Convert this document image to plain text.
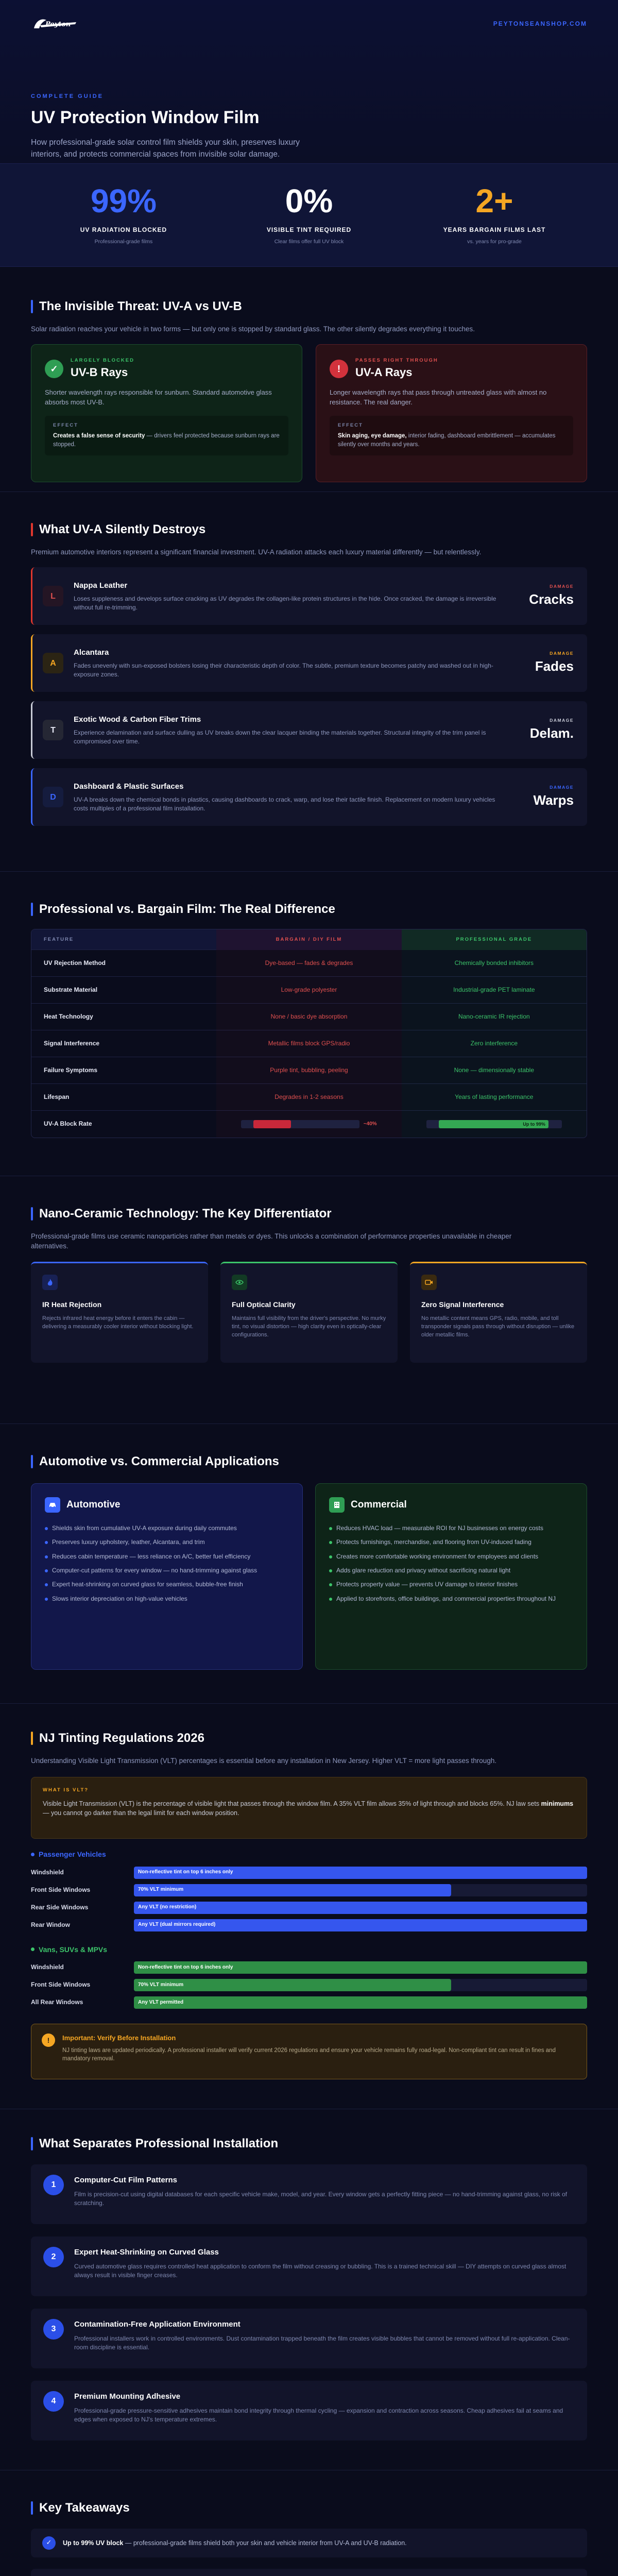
Peyton	PEYTONSEANSHOP.COM
COMPLETE GUIDE
UV Protection Window Film

How professional-grade solar control film shields your skin, preserves luxury interiors, and protects commercial spaces from invisible solar damage.

99%
UV RADIATION BLOCKED
Professional-grade films
0%
VISIBLE TINT REQUIRED
Clear films offer full UV block
2+
YEARS BARGAIN FILMS LAST
vs. years for pro-grade
The Invisible Threat: UV-A vs UV-B

Solar radiation reaches your vehicle in two forms — but only one is stopped by standard glass. The other silently degrades everything it touches.

✓
LARGELY BLOCKED
UV-B Rays

Shorter wavelength rays responsible for sunburn. Standard automotive glass absorbs most UV-B.

EFFECT
Creates a false sense of security — drivers feel protected because sunburn rays are stopped.
!
PASSES RIGHT THROUGH
UV-A Rays

Longer wavelength rays that pass through untreated glass with almost no resistance. The real danger.

EFFECT
Skin aging, eye damage, interior fading, dashboard embrittlement — accumulates silently over months and years.
What UV-A Silently Destroys

Premium automotive interiors represent a significant financial investment. UV-A radiation attacks each luxury material differently — but relentlessly.

L
Nappa Leather
Loses suppleness and develops surface cracking as UV degrades the collagen-like protein structures in the hide. Once cracked, the damage is irreversible without full re-trimming.
DAMAGE
Cracks
A
Alcantara
Fades unevenly with sun-exposed bolsters losing their characteristic depth of color. The subtle, premium texture becomes patchy and washed out in high-exposure zones.
DAMAGE
Fades
T
Exotic Wood & Carbon Fiber Trims
Experience delamination and surface dulling as UV breaks down the clear lacquer binding the materials together. Structural integrity of the trim panel is compromised over time.
DAMAGE
Delam.
D
Dashboard & Plastic Surfaces
UV-A breaks down the chemical bonds in plastics, causing dashboards to crack, warp, and lose their tactile finish. Replacement on modern luxury vehicles costs multiples of a professional film installation.
DAMAGE
Warps
Professional vs. Bargain Film: The Real Difference
FEATURE	BARGAIN / DIY FILM	PROFESSIONAL GRADE
UV Rejection Method	Dye-based — fades & degrades	Chemically bonded inhibitors
Substrate Material	Low-grade polyester	Industrial-grade PET laminate
Heat Technology	None / basic dye absorption	Nano-ceramic IR rejection
Signal Interference	Metallic films block GPS/radio	Zero interference
Failure Symptoms	Purple tint, bubbling, peeling	None — dimensionally stable
Lifespan	Degrades in 1-2 seasons	Years of lasting performance
UV-A Block Rate	~40%	Up to 99%
Nano-Ceramic Technology: The Key Differentiator

Professional-grade films use ceramic nanoparticles rather than metals or dyes. This unlocks a combination of performance properties unavailable in cheaper alternatives.

IR Heat Rejection
Rejects infrared heat energy before it enters the cabin — delivering a measurably cooler interior without blocking light.
Full Optical Clarity
Maintains full visibility from the driver's perspective. No murky tint, no visual distortion — high clarity even in optically-clear configurations.
Zero Signal Interference
No metallic content means GPS, radio, mobile, and toll transponder signals pass through without disruption — unlike older metallic films.
Automotive vs. Commercial Applications
Automotive
Shields skin from cumulative UV-A exposure during daily commutes
Preserves luxury upholstery, leather, Alcantara, and trim
Reduces cabin temperature — less reliance on A/C, better fuel efficiency
Computer-cut patterns for every window — no hand-trimming against glass
Expert heat-shrinking on curved glass for seamless, bubble-free finish
Slows interior depreciation on high-value vehicles
Commercial
Reduces HVAC load — measurable ROI for NJ businesses on energy costs
Protects furnishings, merchandise, and flooring from UV-induced fading
Creates more comfortable working environment for employees and clients
Adds glare reduction and privacy without sacrificing natural light
Protects property value — prevents UV damage to interior finishes
Applied to storefronts, office buildings, and commercial properties throughout NJ
NJ Tinting Regulations 2026

Understanding Visible Light Transmission (VLT) percentages is essential before any installation in New Jersey. Higher VLT = more light passes through.

WHAT IS VLT?
Visible Light Transmission (VLT) is the percentage of visible light that passes through the window film. A 35% VLT film allows 35% of light through and blocks 65%. NJ law sets minimums — you cannot go darker than the legal limit for each window position.
Passenger Vehicles
Windshield	Non-reflective tint on top 6 inches only
Front Side Windows	70% VLT minimum
Rear Side Windows	Any VLT (no restriction)
Rear Window	Any VLT (dual mirrors required)
Vans, SUVs & MPVs
Windshield	Non-reflective tint on top 6 inches only
Front Side Windows	70% VLT minimum
All Rear Windows	Any VLT permitted
!	Important: Verify Before Installation
NJ tinting laws are updated periodically. A professional installer will verify current 2026 regulations and ensure your vehicle remains fully road-legal. Non-compliant tint can result in fines and mandatory removal.
What Separates Professional Installation
1
Computer-Cut Film Patterns
Film is precision-cut using digital databases for each specific vehicle make, model, and year. Every window gets a perfectly fitting piece — no hand-trimming against glass, no risk of scratching.
2
Expert Heat-Shrinking on Curved Glass
Curved automotive glass requires controlled heat application to conform the film without creasing or bubbling. This is a trained technical skill — DIY attempts on curved glass almost always result in visible finger creases.
3
Contamination-Free Application Environment
Professional installers work in controlled environments. Dust contamination trapped beneath the film creates visible bubbles that cannot be removed without full re-application. Clean-room discipline is essential.
4
Premium Mounting Adhesive
Professional-grade pressure-sensitive adhesives maintain bond integrity through thermal cycling — expansion and contraction across seasons. Cheap adhesives fail at seams and edges when exposed to NJ's temperature extremes.
Key Takeaways
✓	Up to 99% UV block — professional-grade films shield both your skin and vehicle interior from UV-A and UV-B radiation.
